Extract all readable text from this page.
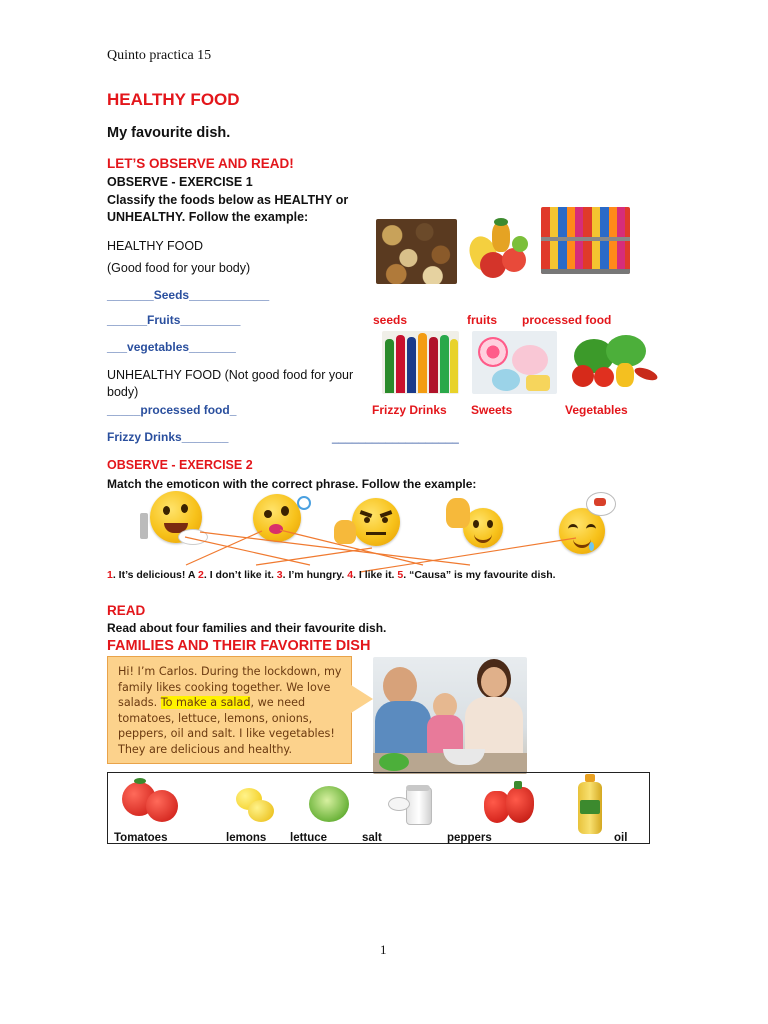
Quinto practica 15
HEALTHY FOOD
My favourite dish.
LET’S OBSERVE AND READ!
OBSERVE - EXERCISE 1
Classify the foods below as HEALTHY or
UNHEALTHY. Follow the example:
HEALTHY FOOD
(Good food for your body)
_______Seeds____________
______Fruits_________
___vegetables_______
UNHEALTHY FOOD (Not good food for your
body)
_____processed food_
Frizzy Drinks_______	___________________
seeds	fruits processed food
Frizzy Drinks Sweets	Vegetables
OBSERVE - EXERCISE 2
Match the emoticon with the correct phrase. Follow the example:
1. It’s delicious! A 2. I don’t like it. 3. I’m hungry. 4. I like it. 5. “Causa” is my favourite dish.
READ
Read about four families and their favourite dish.
FAMILIES AND THEIR FAVORITE DISH
Hi! I’m Carlos. During the lockdown, my family likes cooking together. We love salads. To make a salad, we need tomatoes, lettuce, lemons, onions, peppers, oil and salt. I like vegetables! They are delicious and healthy.
Tomatoes	lemons lettuce	salt	peppers	oil
1
